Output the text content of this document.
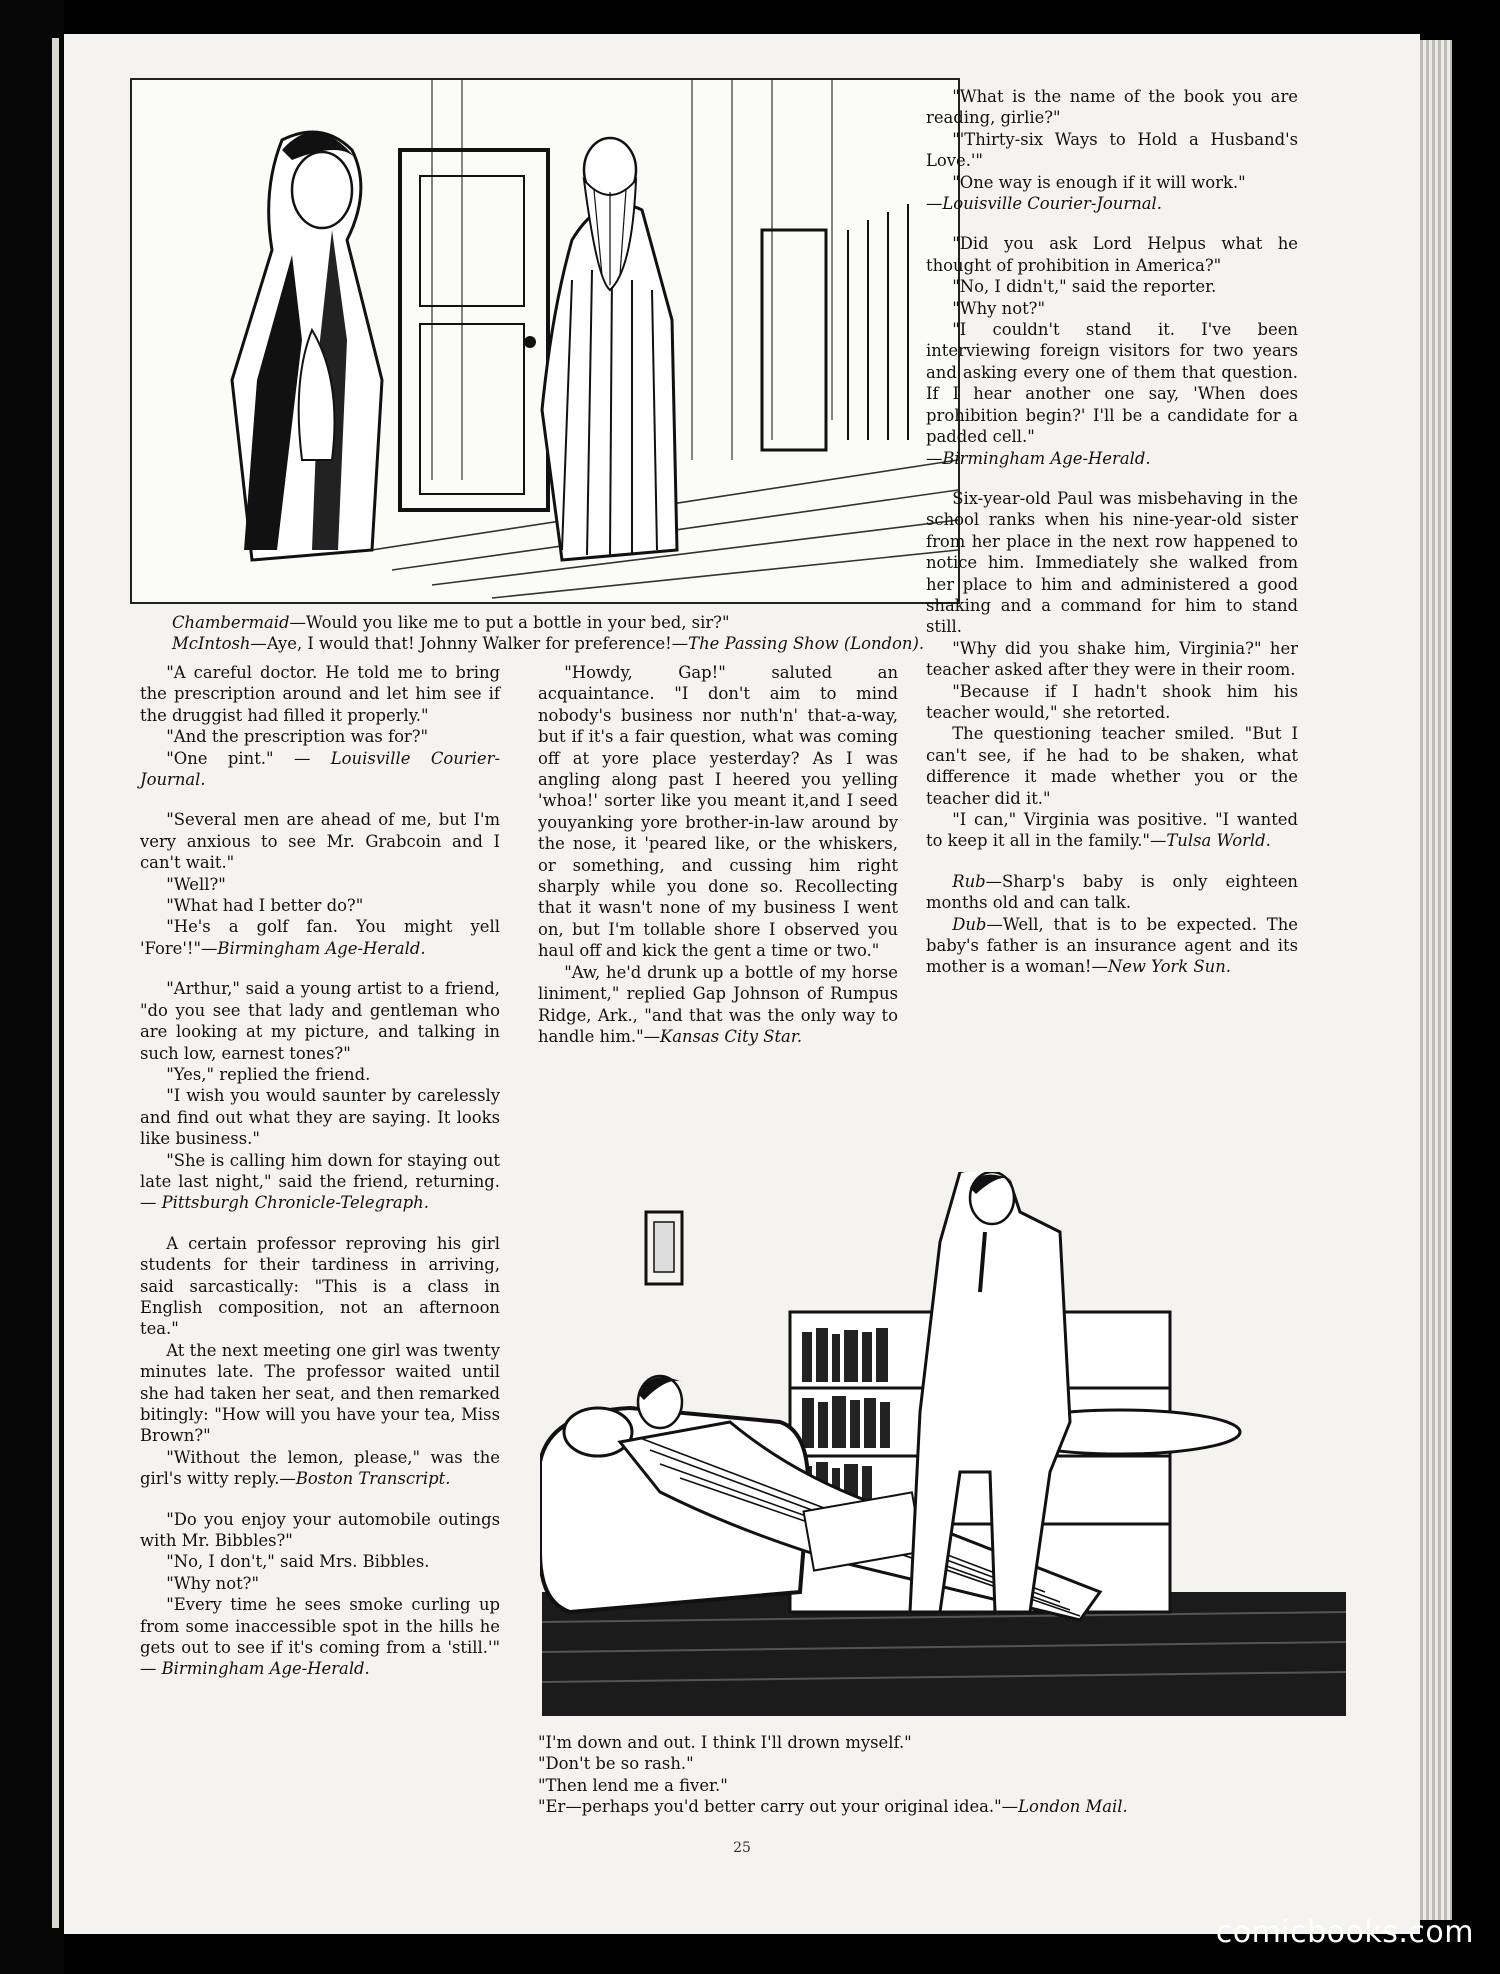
Chambermaid—Would you like me to put a bottle in your bed, sir?"

McIntosh—Aye, I would that! Johnny Walker for preference!—The Passing Show (London).

"A careful doctor. He told me to bring the prescription around and let him see if the druggist had filled it properly."

"And the prescription was for?"

"One pint." — Louisville Courier-Journal.

"Several men are ahead of me, but I'm very anxious to see Mr. Grabcoin and I can't wait."

"Well?"

"What had I better do?"

"He's a golf fan. You might yell 'Fore'!"—Birmingham Age-Herald.

"Arthur," said a young artist to a friend, "do you see that lady and gentleman who are looking at my picture, and talking in such low, earnest tones?"

"Yes," replied the friend.

"I wish you would saunter by carelessly and find out what they are saying. It looks like business."

"She is calling him down for staying out late last night," said the friend, returning. — Pittsburgh Chronicle-Telegraph.

A certain professor reproving his girl students for their tardiness in arriving, said sarcastically: "This is a class in English composition, not an afternoon tea."

At the next meeting one girl was twenty minutes late. The professor waited until she had taken her seat, and then remarked bitingly: "How will you have your tea, Miss Brown?"

"Without the lemon, please," was the girl's witty reply.—Boston Transcript.

"Do you enjoy your automobile outings with Mr. Bibbles?"

"No, I don't," said Mrs. Bibbles.

"Why not?"

"Every time he sees smoke curling up from some inaccessible spot in the hills he gets out to see if it's coming from a 'still.'" — Birmingham Age-Herald.

"Howdy, Gap!" saluted an acquaintance. "I don't aim to mind nobody's business nor nuth'n' that-a-way, but if it's a fair question, what was coming off at yore place yesterday? As I was angling along past I heered you yelling 'whoa!' sorter like you meant it,and I seed youyanking yore brother-in-law around by the nose, it 'peared like, or the whiskers, or something, and cussing him right sharply while you done so. Recollecting that it wasn't none of my business I went on, but I'm tollable shore I observed you haul off and kick the gent a time or two."

"Aw, he'd drunk up a bottle of my horse liniment," replied Gap Johnson of Rumpus Ridge, Ark., "and that was the only way to handle him."—Kansas City Star.

"What is the name of the book you are reading, girlie?"

"'Thirty-six Ways to Hold a Husband's Love.'"

"One way is enough if it will work."

—Louisville Courier-Journal.

"Did you ask Lord Helpus what he thought of prohibition in America?"

"No, I didn't," said the reporter.

"Why not?"

"I couldn't stand it. I've been interviewing foreign visitors for two years and asking every one of them that question. If I hear another one say, 'When does prohibition begin?' I'll be a candidate for a padded cell."

—Birmingham Age-Herald.

Six-year-old Paul was misbehaving in the school ranks when his nine-year-old sister from her place in the next row happened to notice him. Immediately she walked from her place to him and administered a good shaking and a command for him to stand still.

"Why did you shake him, Virginia?" her teacher asked after they were in their room.

"Because if I hadn't shook him his teacher would," she retorted.

The questioning teacher smiled. "But I can't see, if he had to be shaken, what difference it made whether you or the teacher did it."

"I can," Virginia was positive. "I wanted to keep it all in the family."—Tulsa World.

Rub—Sharp's baby is only eighteen months old and can talk.

Dub—Well, that is to be expected. The baby's father is an insurance agent and its mother is a woman!—New York Sun.

"I'm down and out. I think I'll drown myself."

"Don't be so rash."

"Then lend me a fiver."

"Er—perhaps you'd better carry out your original idea."—London Mail.

25
comicbooks.com
